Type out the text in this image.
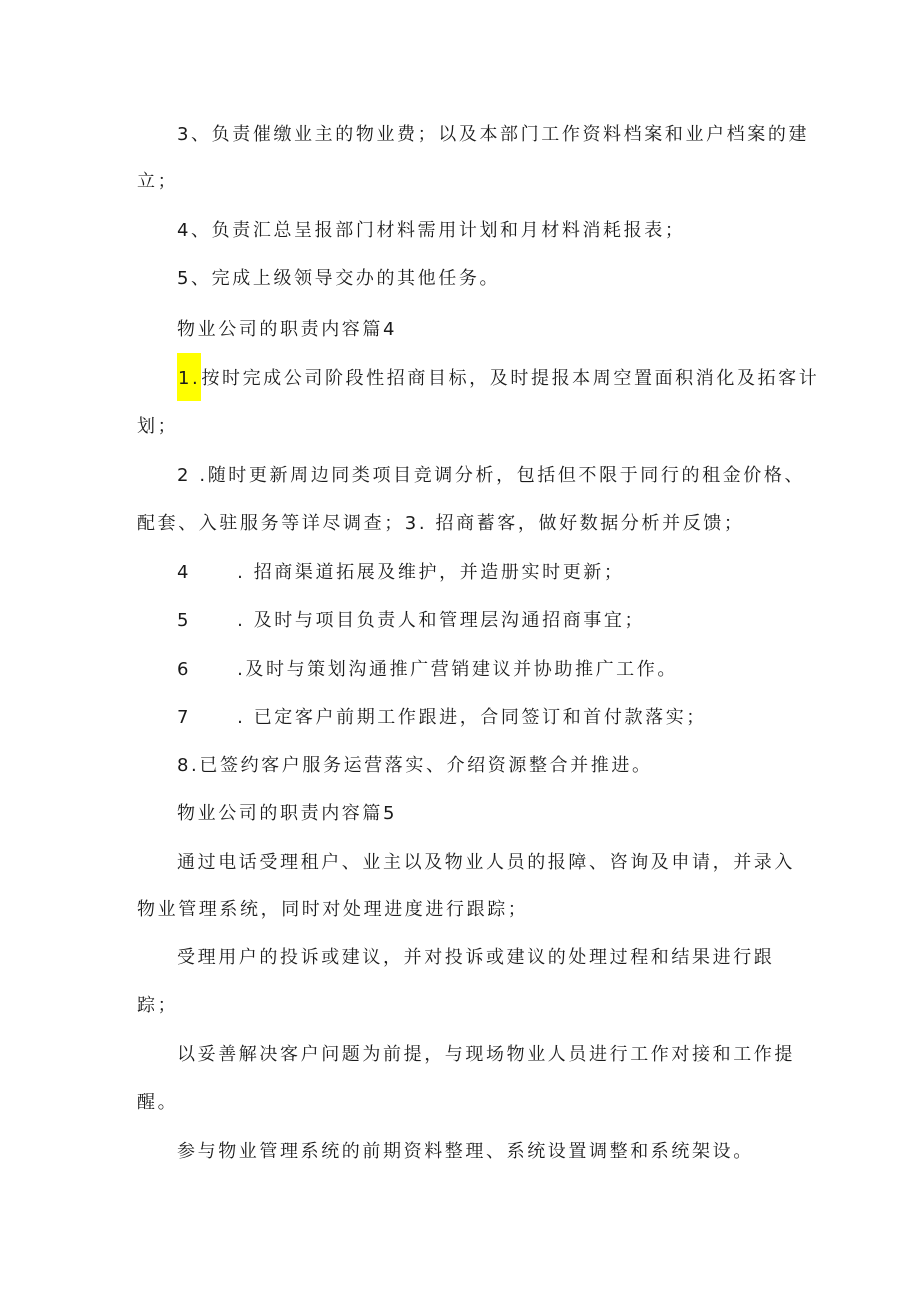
3、负责催缴业主的物业费；以及本部门工作资料档案和业户档案的建
立；
4、负责汇总呈报部门材料需用计划和月材料消耗报表；
5、完成上级领导交办的其他任务。
物业公司的职责内容篇4
1.按时完成公司阶段性招商目标，及时提报本周空置面积消化及拓客计
划；
2 .随时更新周边同类项目竞调分析，包括但不限于同行的租金价格、
配套、入驻服务等详尽调查；3. 招商蓄客，做好数据分析并反馈；
4	. 招商渠道拓展及维护，并造册实时更新；
5	. 及时与项目负责人和管理层沟通招商事宜；
6	.及时与策划沟通推广营销建议并协助推广工作。
7	. 已定客户前期工作跟进，合同签订和首付款落实；
8.已签约客户服务运营落实、介绍资源整合并推进。
物业公司的职责内容篇5
通过电话受理租户、业主以及物业人员的报障、咨询及申请，并录入
物业管理系统，同时对处理进度进行跟踪；
受理用户的投诉或建议，并对投诉或建议的处理过程和结果进行跟
踪；
以妥善解决客户问题为前提，与现场物业人员进行工作对接和工作提
醒。
参与物业管理系统的前期资料整理、系统设置调整和系统架设。
